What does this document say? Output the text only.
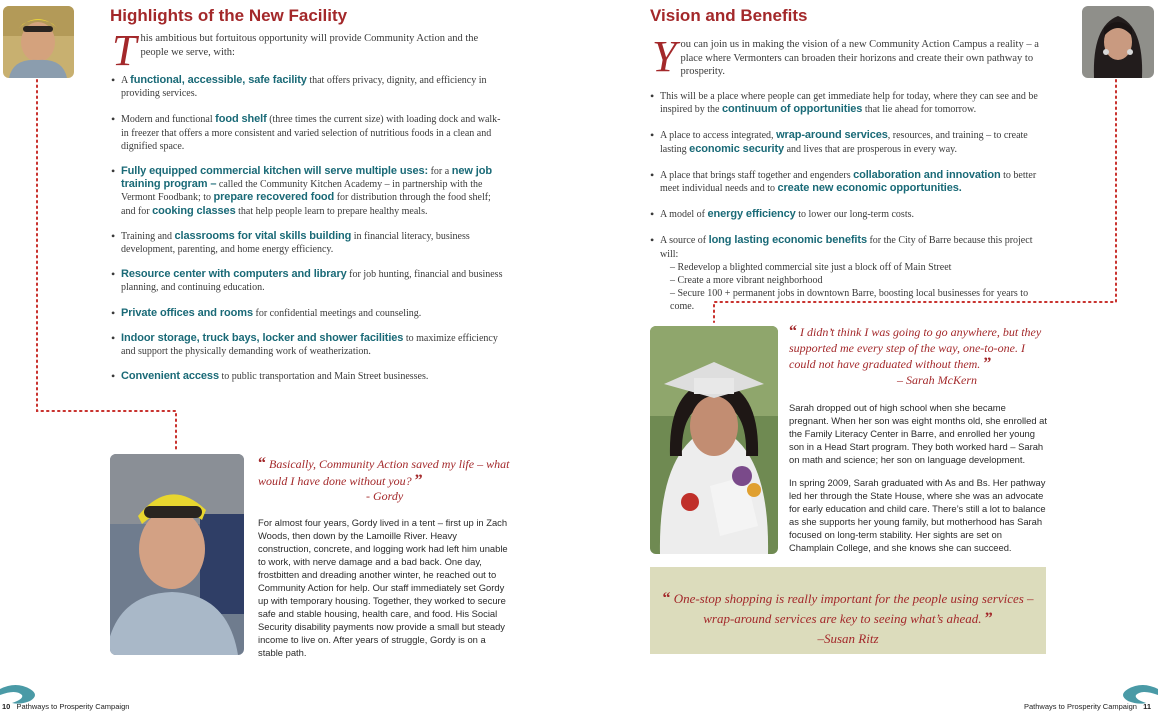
Highlights of the New Facility
T his ambitious but fortuitous opportunity will provide Community Action and the people we serve, with:
• A functional, accessible, safe facility that offers privacy, dignity, and efficiency in providing services.
• Modern and functional food shelf (three times the current size) with loading dock and walk-in freezer that offers a more consistent and varied selection of nutritious foods in a clean and dignified space.
• Fully equipped commercial kitchen will serve multiple uses: for a new job training program – called the Community Kitchen Academy – in partnership with the Vermont Foodbank; to prepare recovered food for distribution through the food shelf; and for cooking classes that help people learn to prepare healthy meals.
• Training and classrooms for vital skills building in financial literacy, business development, parenting, and home energy efficiency.
• Resource center with computers and library for job hunting, financial and business planning, and continuing education.
• Private offices and rooms for confidential meetings and counseling.
• Indoor storage, truck bays, locker and shower facilities to maximize efficiency and support the physically demanding work of weatherization.
• Convenient access to public transportation and Main Street businesses.
“ Basically, Community Action saved my life – what would I have done without you? ”
- Gordy

For almost four years, Gordy lived in a tent – first up in Zach Woods, then down by the Lamoille River. Heavy construction, concrete, and logging work had left him unable to work, with nerve damage and a bad back. One day, frostbitten and dreading another winter, he reached out to Community Action for help. Our staff immediately set Gordy up with temporary housing. Together, they worked to secure safe and stable housing, health care, and food. His Social Security disability payments now provide a small but steady income to live on. After years of struggle, Gordy is on a stable path.

10 Pathways to Prosperity Campaign
Vision and Benefits
Y ou can join us in making the vision of a new Community Action Campus a reality – a place where Vermonters can broaden their horizons and create their own pathway to prosperity.
• This will be a place where people can get immediate help for today, where they can see and be inspired by the continuum of opportunities that lie ahead for tomorrow.
• A place to access integrated, wrap-around services, resources, and training – to create lasting economic security and lives that are prosperous in every way.
• A place that brings staff together and engenders collaboration and innovation to better meet individual needs and to create new economic opportunities.
• A model of energy efficiency to lower our long-term costs.
• A source of long lasting economic benefits for the City of Barre because this project will:
– Redevelop a blighted commercial site just a block off of Main Street
– Create a more vibrant neighborhood
– Secure 100 + permanent jobs in downtown Barre, boosting local businesses for years to come.
“ I didn’t think I was going to go anywhere, but they supported me every step of the way, one-to-one. I could not have graduated without them. ”
– Sarah McKern

Sarah dropped out of high school when she became pregnant. When her son was eight months old, she enrolled at the Family Literacy Center in Barre, and enrolled her young son in a Head Start program. They both worked hard – Sarah on math and science; her son on language development.

In spring 2009, Sarah graduated with As and Bs. Her pathway led her through the State House, where she was an advocate for early education and child care. There’s still a lot to balance as she supports her young family, but motherhood has Sarah focused on long-term stability. Her sights are set on Champlain College, and she knows she can succeed.

“ One-stop shopping is really important for the people using services – wrap-around services are key to seeing what’s ahead. ”
–Susan Ritz
Pathways to Prosperity Campaign 11
